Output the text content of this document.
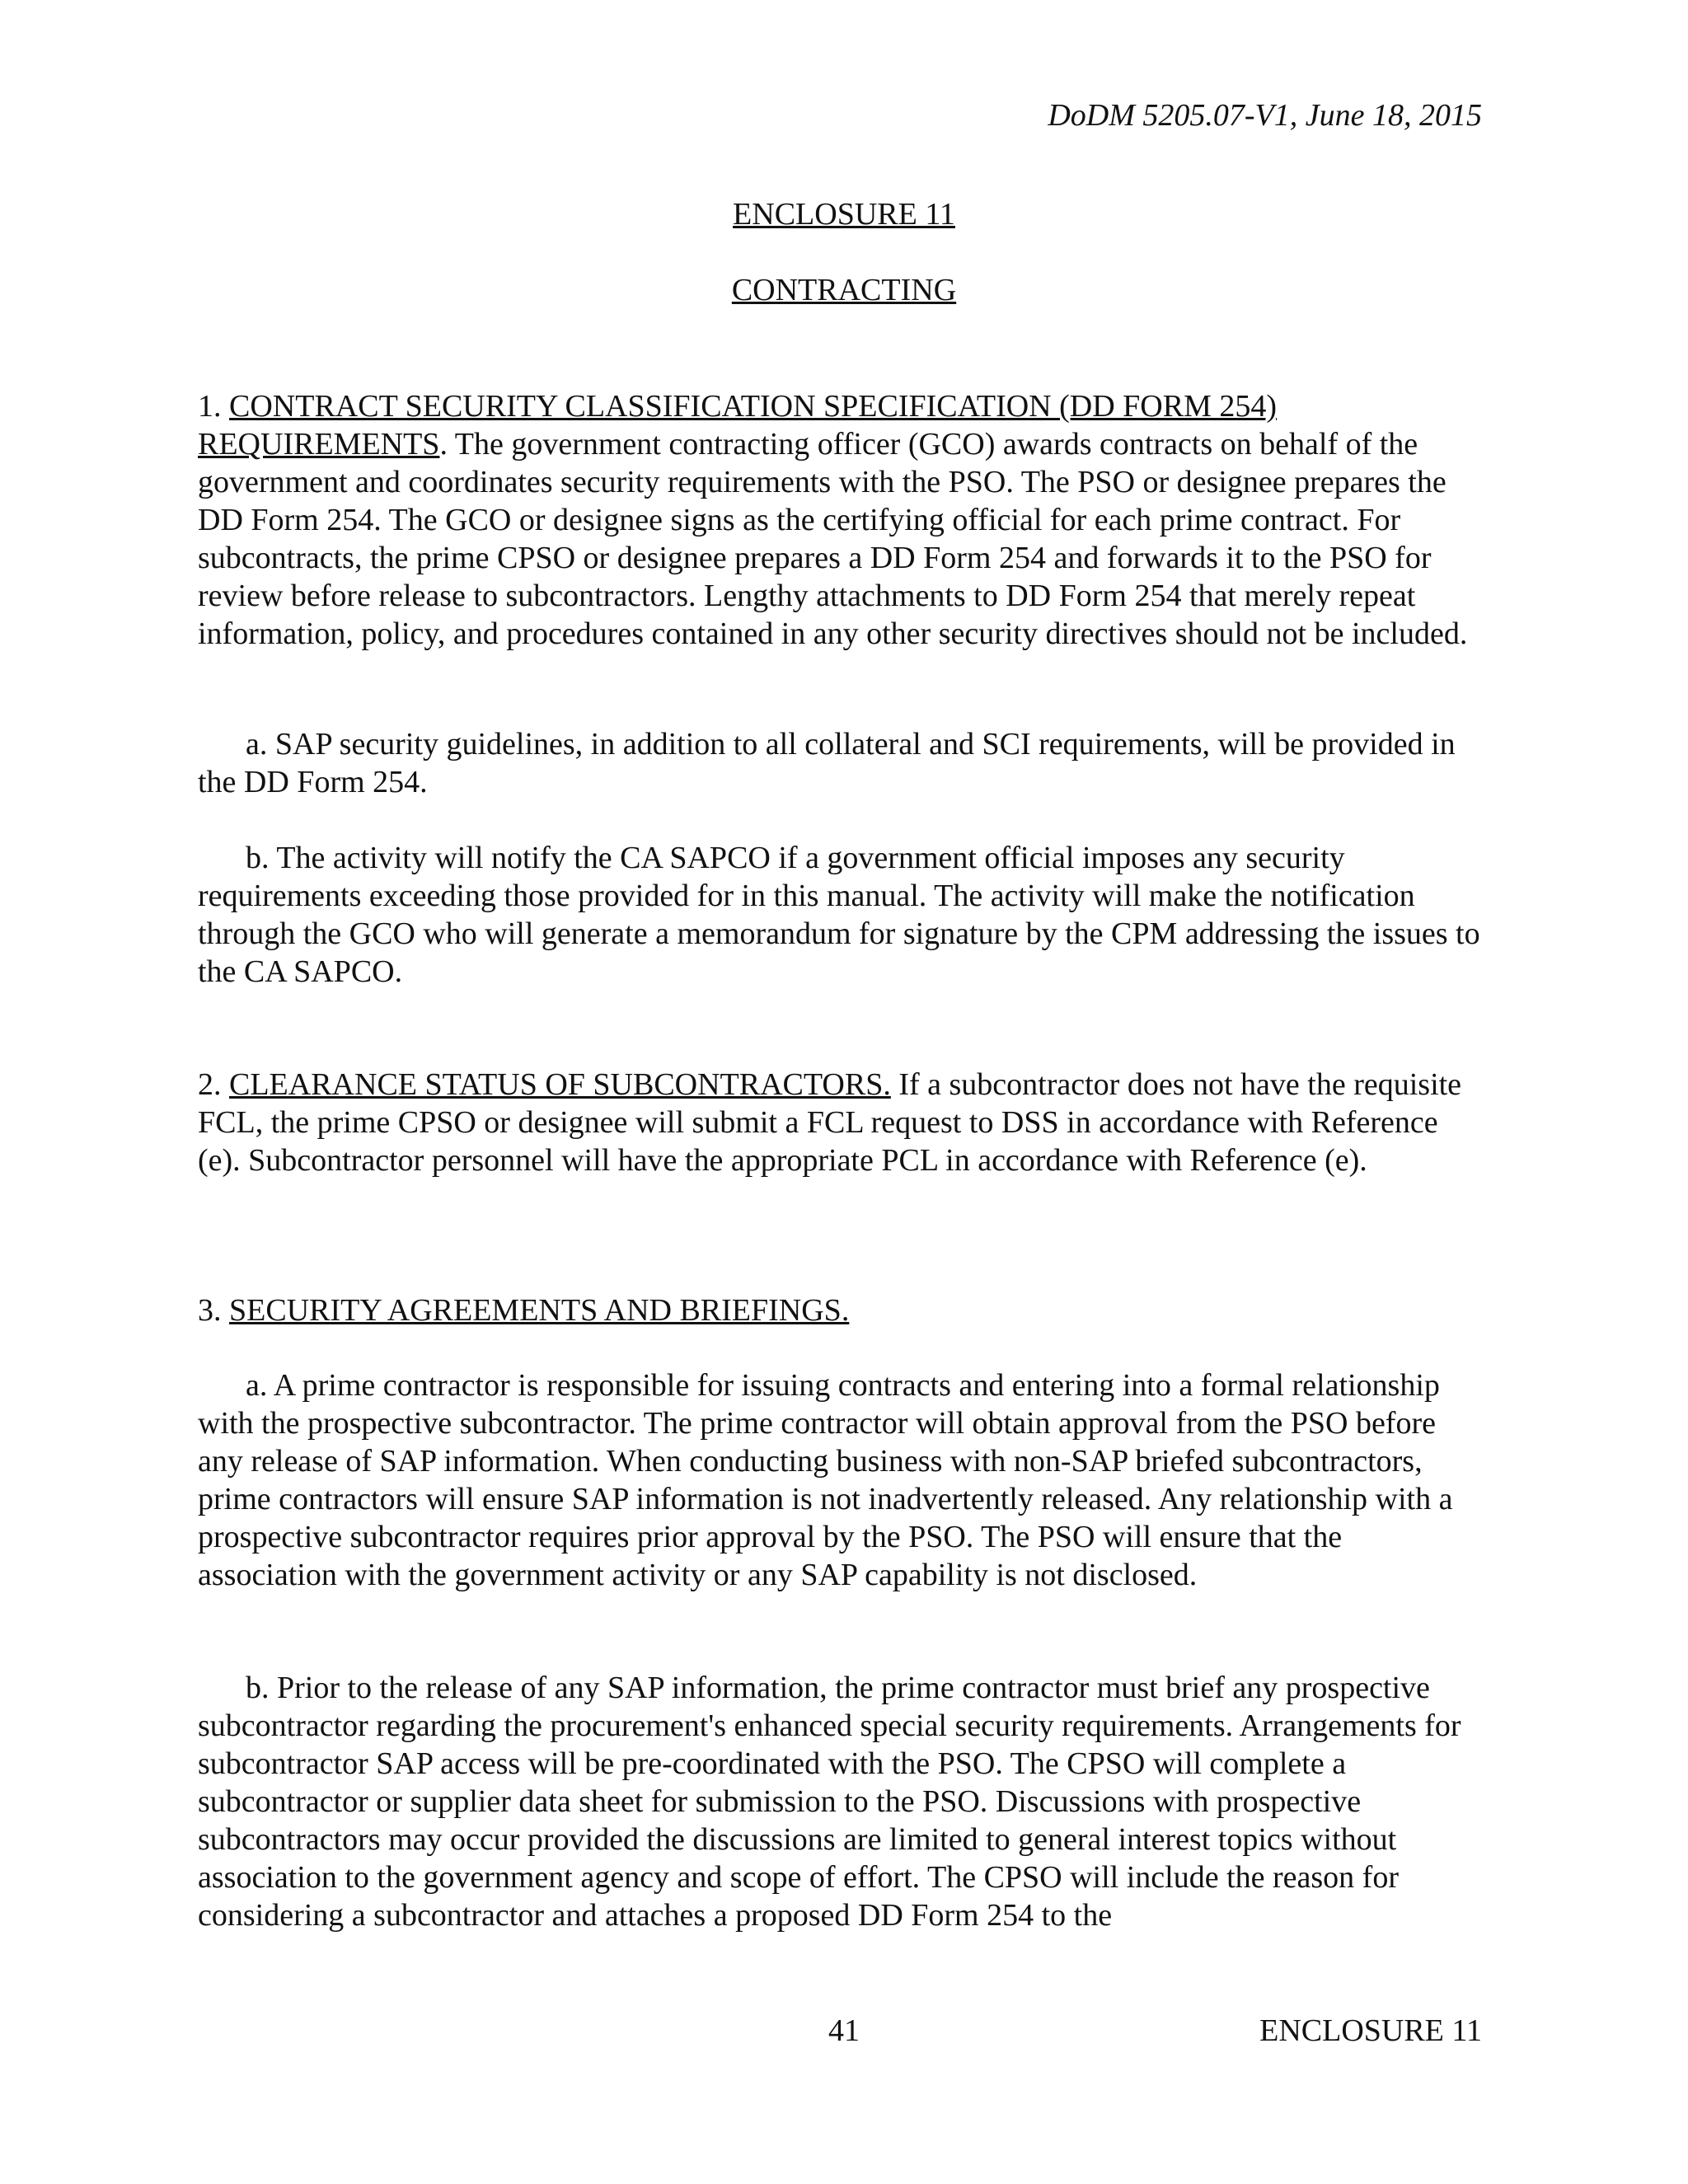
DoDM 5205.07-V1, June 18, 2015
ENCLOSURE 11
CONTRACTING
1. CONTRACT SECURITY CLASSIFICATION SPECIFICATION (DD FORM 254) REQUIREMENTS. The government contracting officer (GCO) awards contracts on behalf of the government and coordinates security requirements with the PSO. The PSO or designee prepares the DD Form 254. The GCO or designee signs as the certifying official for each prime contract. For subcontracts, the prime CPSO or designee prepares a DD Form 254 and forwards it to the PSO for review before release to subcontractors. Lengthy attachments to DD Form 254 that merely repeat information, policy, and procedures contained in any other security directives should not be included.
a. SAP security guidelines, in addition to all collateral and SCI requirements, will be provided in the DD Form 254.
b. The activity will notify the CA SAPCO if a government official imposes any security requirements exceeding those provided for in this manual. The activity will make the notification through the GCO who will generate a memorandum for signature by the CPM addressing the issues to the CA SAPCO.
2. CLEARANCE STATUS OF SUBCONTRACTORS. If a subcontractor does not have the requisite FCL, the prime CPSO or designee will submit a FCL request to DSS in accordance with Reference (e). Subcontractor personnel will have the appropriate PCL in accordance with Reference (e).
3. SECURITY AGREEMENTS AND BRIEFINGS.
a. A prime contractor is responsible for issuing contracts and entering into a formal relationship with the prospective subcontractor. The prime contractor will obtain approval from the PSO before any release of SAP information. When conducting business with non-SAP briefed subcontractors, prime contractors will ensure SAP information is not inadvertently released. Any relationship with a prospective subcontractor requires prior approval by the PSO. The PSO will ensure that the association with the government activity or any SAP capability is not disclosed.
b. Prior to the release of any SAP information, the prime contractor must brief any prospective subcontractor regarding the procurement's enhanced special security requirements. Arrangements for subcontractor SAP access will be pre-coordinated with the PSO. The CPSO will complete a subcontractor or supplier data sheet for submission to the PSO. Discussions with prospective subcontractors may occur provided the discussions are limited to general interest topics without association to the government agency and scope of effort. The CPSO will include the reason for considering a subcontractor and attaches a proposed DD Form 254 to the
41	ENCLOSURE 11
